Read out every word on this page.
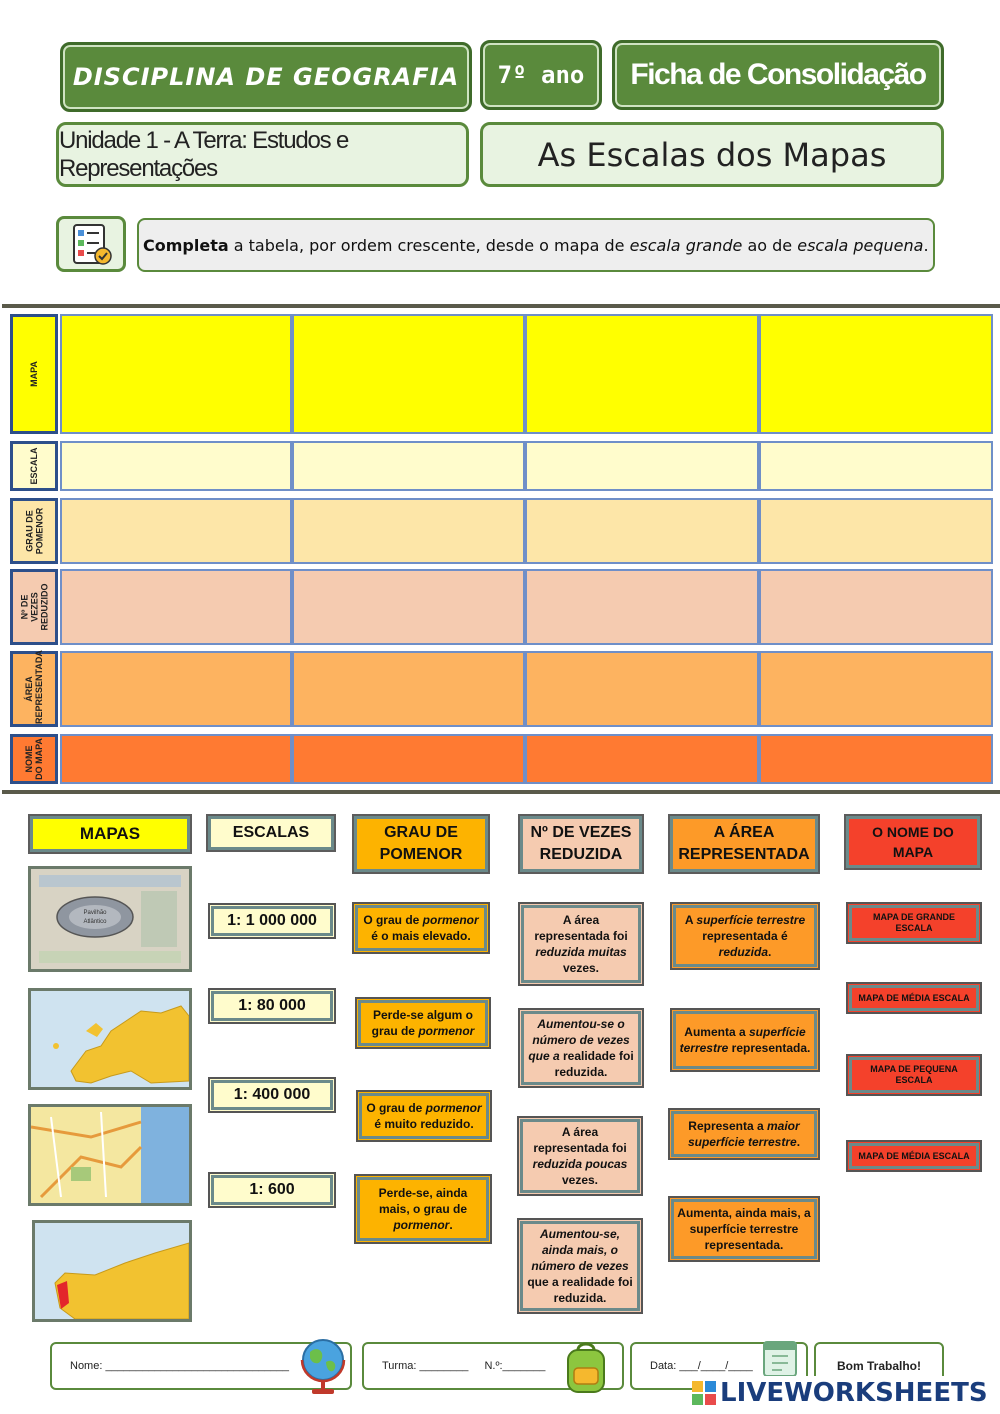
DISCIPLINA DE GEOGRAFIA 7º ano Ficha de Consolidação
Unidade 1 - A Terra: Estudos e Representações	As Escalas dos Mapas
Completa a tabela, por ordem crescente, desde o mapa de escala grande ao de escala pequena.
MAPA
ESCALA
GRAU DE POMENOR
Nº DE VEZES REDUZIDO
ÁREA REPRESENTADA
NOME DO MAPA
MAPAS	ESCALAS	GRAU DE POMENOR
Nº DE VEZES REDUZIDA
A ÁREA REPRESENTADA
O NOME DO MAPA
Pavilhão
Atlântico	1: 1 000 000
1: 80 000
1: 400 000
1: 600
O grau de pormenor é o mais elevado.
Perde-se algum o grau de pormenor
O grau de pormenor é muito reduzido.
Perde-se, ainda mais, o grau de pormenor.
A área representada foi reduzida muitas vezes.
Aumentou-se o número de vezes que a realidade foi reduzida.
A área representada foi reduzida poucas vezes.
Aumentou-se, ainda mais, o número de vezes que a realidade foi reduzida.
A superfície terrestre representada é reduzida.
Aumenta a superfície terrestre representada.
Representa a maior superfície terrestre.
Aumenta, ainda mais, a superfície terrestre representada.
MAPA DE GRANDE ESCALA
MAPA DE MÉDIA ESCALA
MAPA DE PEQUENA ESCALA
MAPA DE MÉDIA ESCALA
Nome: ______________________________	Turma: ________ N.º:_______	Data: ___/____/____	Bom Trabalho!
LIVEWORKSHEETS
